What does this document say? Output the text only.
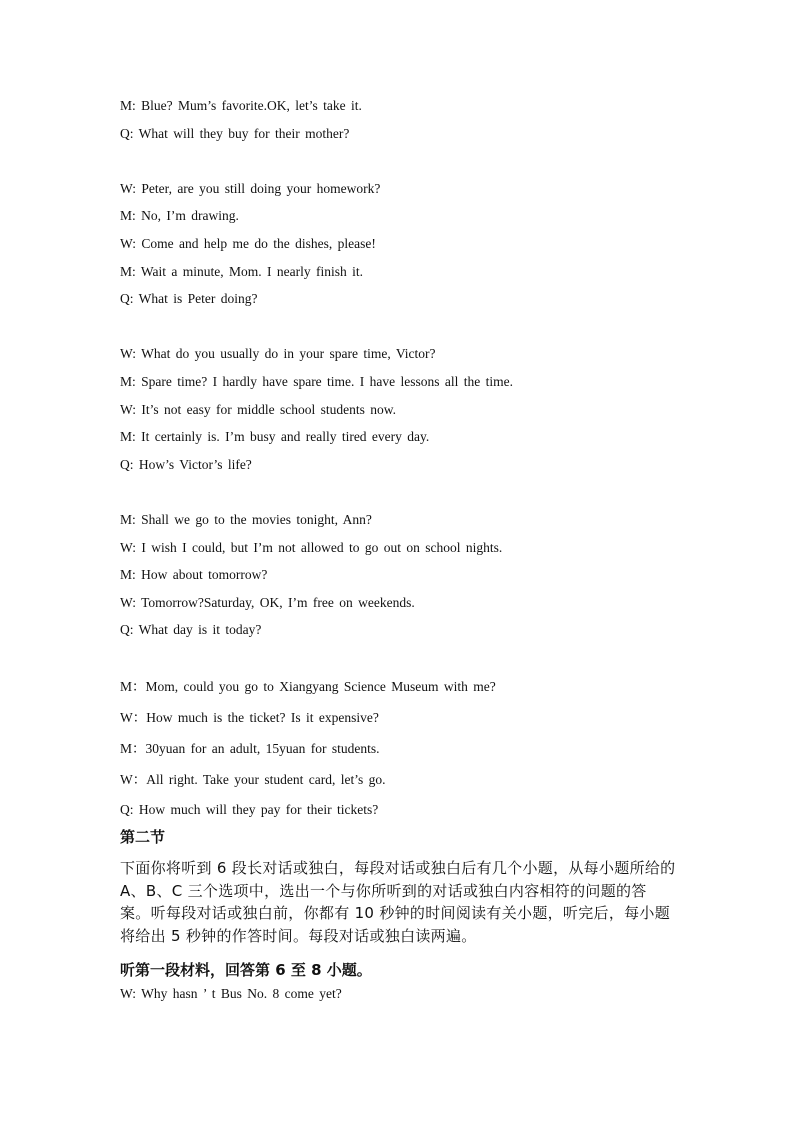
M: Blue? Mum’s favorite.OK, let’s take it.
Q: What will they buy for their mother?
W: Peter, are you still doing your homework?
M: No, I’m drawing.
W: Come and help me do the dishes, please!
M: Wait a minute, Mom. I nearly finish it.
Q: What is Peter doing?
W: What do you usually do in your spare time, Victor?
M: Spare time? I hardly have spare time. I have lessons all the time.
W: It’s not easy for middle school students now.
M: It certainly is. I’m busy and really tired every day.
Q: How’s Victor’s life?
M: Shall we go to the movies tonight, Ann?
W: I wish I could, but I’m not allowed to go out on school nights.
M: How about tomorrow?
W: Tomorrow?Saturday, OK, I’m free on weekends.
Q: What day is it today?
M：Mom, could you go to Xiangyang Science Museum with me?
W：How much is the ticket? Is it expensive?
M：30yuan for an adult, 15yuan for students.
W：All right. Take your student card, let’s go.
Q: How much will they pay for their tickets?
第二节
下面你将听到 6 段长对话或独白，每段对话或独白后有几个小题，从每小题所给的 A、B、C 三个选项中，选出一个与你所听到的对话或独白内容相符的问题的答案。听每段对话或独白前，你都有 10 秒钟的时间阅读有关小题，听完后，每小题将给出 5 秒钟的作答时间。每段对话或独白读两遍。
听第一段材料，回答第 6 至 8 小题。
W: Why hasn ’ t Bus No. 8 come yet?
